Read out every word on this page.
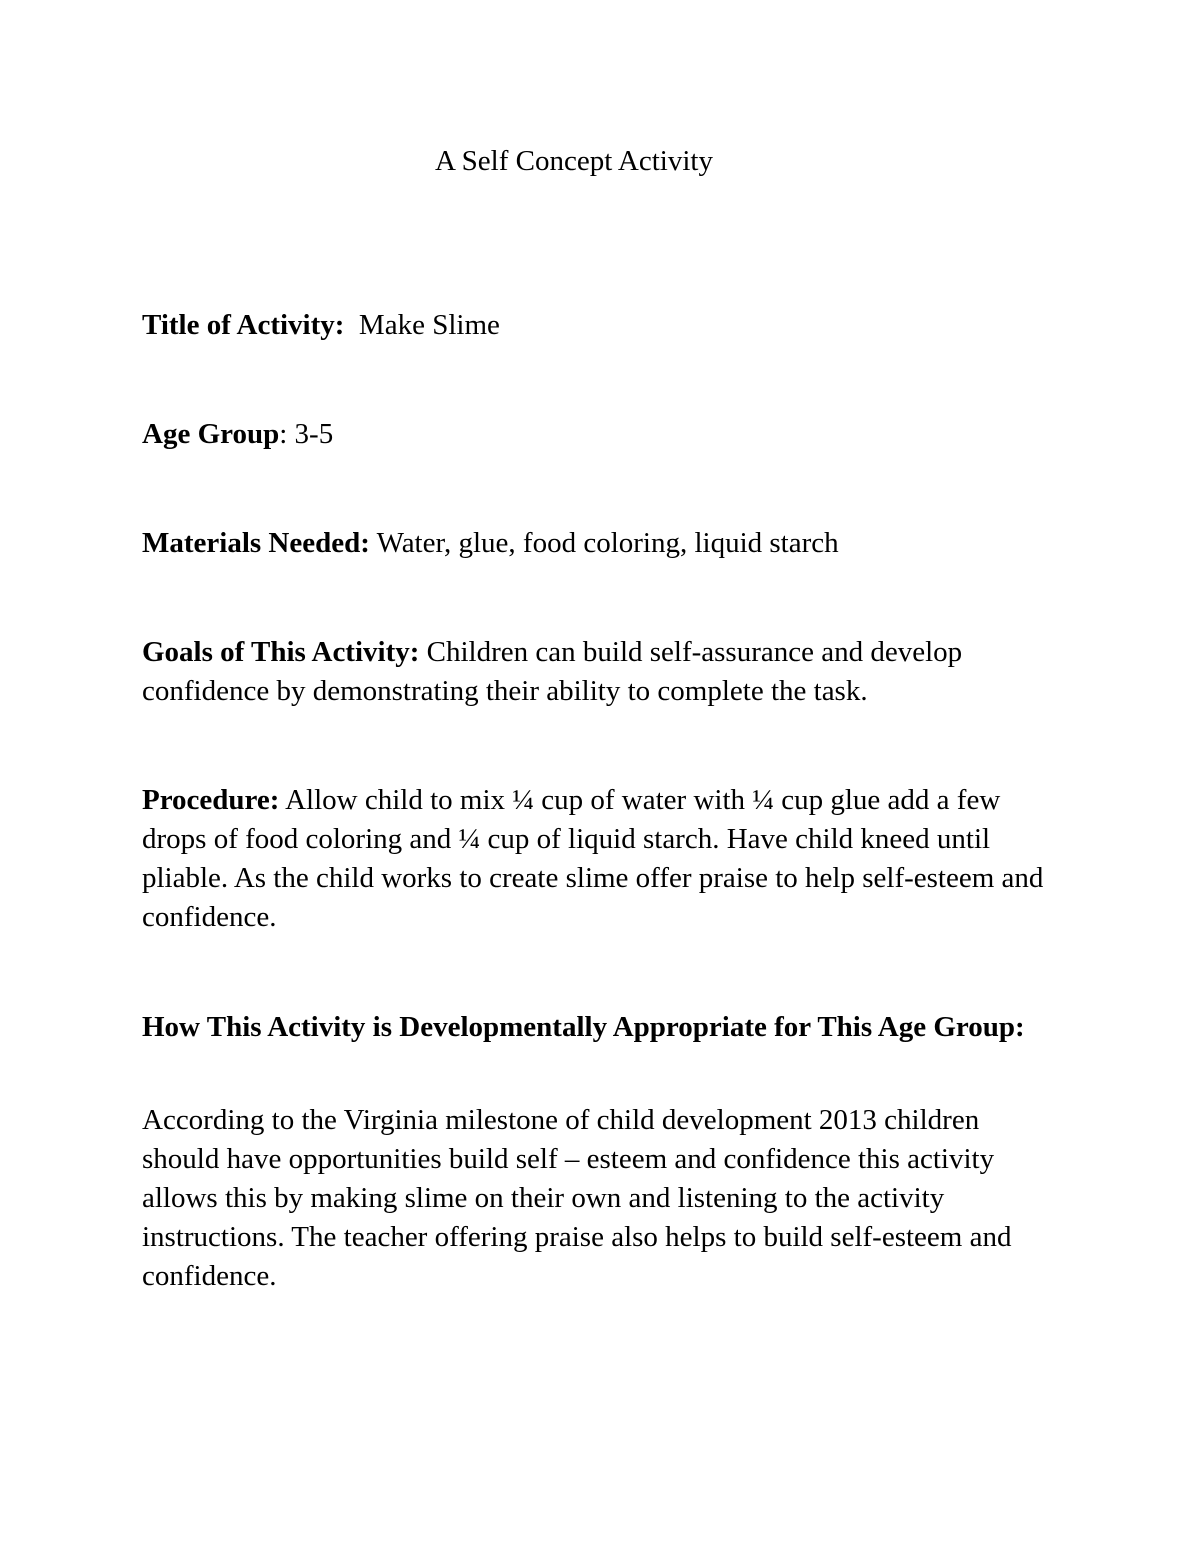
A Self Concept Activity
Title of Activity: Make Slime
Age Group: 3-5
Materials Needed: Water, glue, food coloring, liquid starch
Goals of This Activity: Children can build self-assurance and develop confidence by demonstrating their ability to complete the task.
Procedure: Allow child to mix ¼ cup of water with ¼ cup glue add a few drops of food coloring and ¼ cup of liquid starch. Have child kneed until pliable. As the child works to create slime offer praise to help self-esteem and confidence.
How This Activity is Developmentally Appropriate for This Age Group:
According to the Virginia milestone of child development 2013 children should have opportunities build self – esteem and confidence this activity allows this by making slime on their own and listening to the activity instructions. The teacher offering praise also helps to build self-esteem and confidence.
